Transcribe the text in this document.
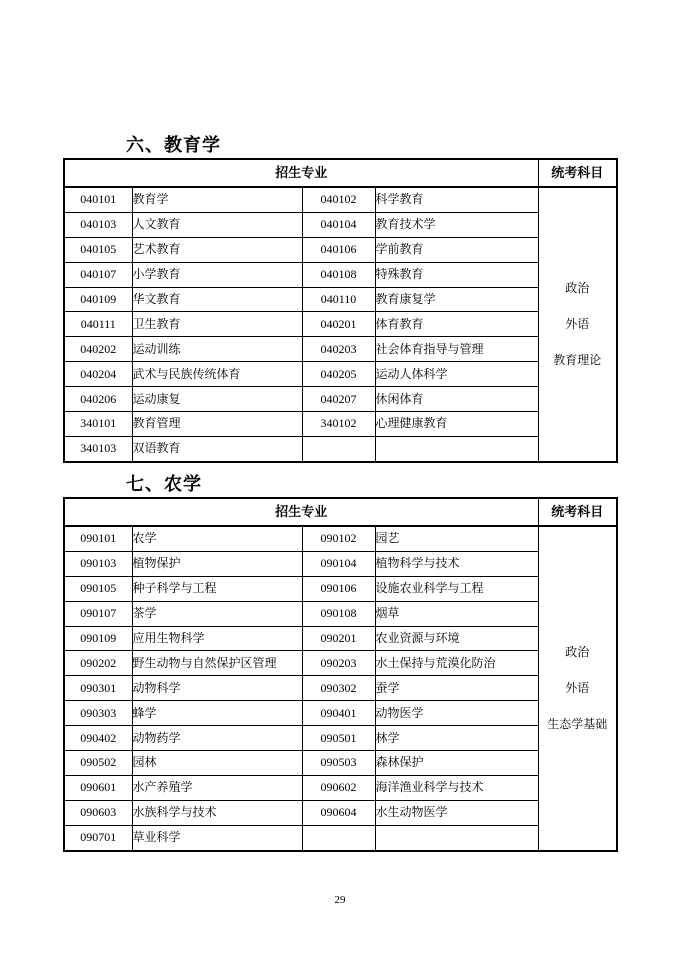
六、教育学
招生专业				统考科目
040101	教育学	040102	科学教育	政治
外语
教育理论

040103	人文教育	040104	教育技术学	
040105	艺术教育	040106	学前教育	
040107	小学教育	040108	特殊教育	
040109	华文教育	040110	教育康复学	
040111	卫生教育	040201	体育教育	
040202	运动训练	040203	社会体育指导与管理	
040204	武术与民族传统体育	040205	运动人体科学	
040206	运动康复	040207	休闲体育	
340101	教育管理	340102	心理健康教育	
340103	双语教育			
七、农学
招生专业				统考科目
090101	农学	090102	园艺	政治
外语
生态学基础

090103	植物保护	090104	植物科学与技术	
090105	种子科学与工程	090106	设施农业科学与工程	
090107	茶学	090108	烟草	
090109	应用生物科学	090201	农业资源与环境	
090202	野生动物与自然保护区管理	090203	水土保持与荒漠化防治	
090301	动物科学	090302	蚕学	
090303	蜂学	090401	动物医学	
090402	动物药学	090501	林学	
090502	园林	090503	森林保护	
090601	水产养殖学	090602	海洋渔业科学与技术	
090603	水族科学与技术	090604	水生动物医学	
090701	草业科学			
29
